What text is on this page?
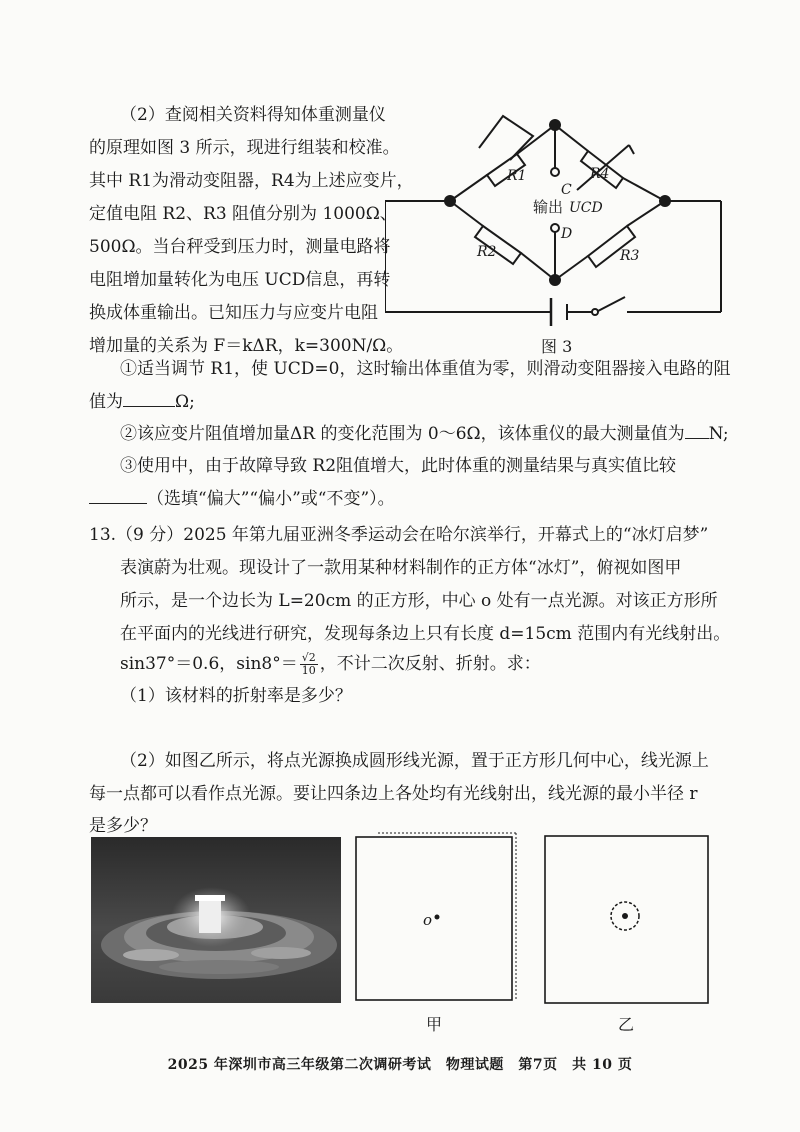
（2）查阅相关资料得知体重测量仪
的原理如图 3 所示，现进行组装和校准。
其中 R1为滑动变阻器，R4为上述应变片，
定值电阻 R2、R3 阻值分别为 1000Ω、
500Ω。当台秤受到压力时，测量电路将
电阻增加量转化为电压 UCD信息，再转
换成体重输出。已知压力与应变片电阻
增加量的关系为 F＝kΔR，k=300N/Ω。
R1	R4
R2	R3
C
D
输出 UCD
图 3
①适当调节 R1，使 UCD=0，这时输出体重值为零，则滑动变阻器接入电路的阻
值为	Ω;
②该应变片阻值增加量ΔR 的变化范围为 0～6Ω，该体重仪的最大测量值为 N;
③使用中，由于故障导致 R2阻值增大，此时体重的测量结果与真实值比较
（选填“偏大”“偏小”或“不变”）。
13.（9 分）2025 年第九届亚洲冬季运动会在哈尔滨举行，开幕式上的“冰灯启梦”
表演蔚为壮观。现设计了一款用某种材料制作的正方体“冰灯”，俯视如图甲
所示，是一个边长为 L=20cm 的正方形，中心 o 处有一点光源。对该正方形所
在平面内的光线进行研究，发现每条边上只有长度 d=15cm 范围内有光线射出。
sin37°＝0.6，$\sin 8^\circ= \frac{√2}{10}$ ，不计二次反射、折射。求：
（1）该材料的折射率是多少？
（2）如图乙所示，将点光源换成圆形线光源，置于正方形几何中心，线光源上
每一点都可以看作点光源。要让四条边上各处均有光线射出，线光源的最小半径 r
是多少？
o
甲	乙
2025 年深圳市高三年级第二次调研考试　物理试题　第7页　共 10 页
